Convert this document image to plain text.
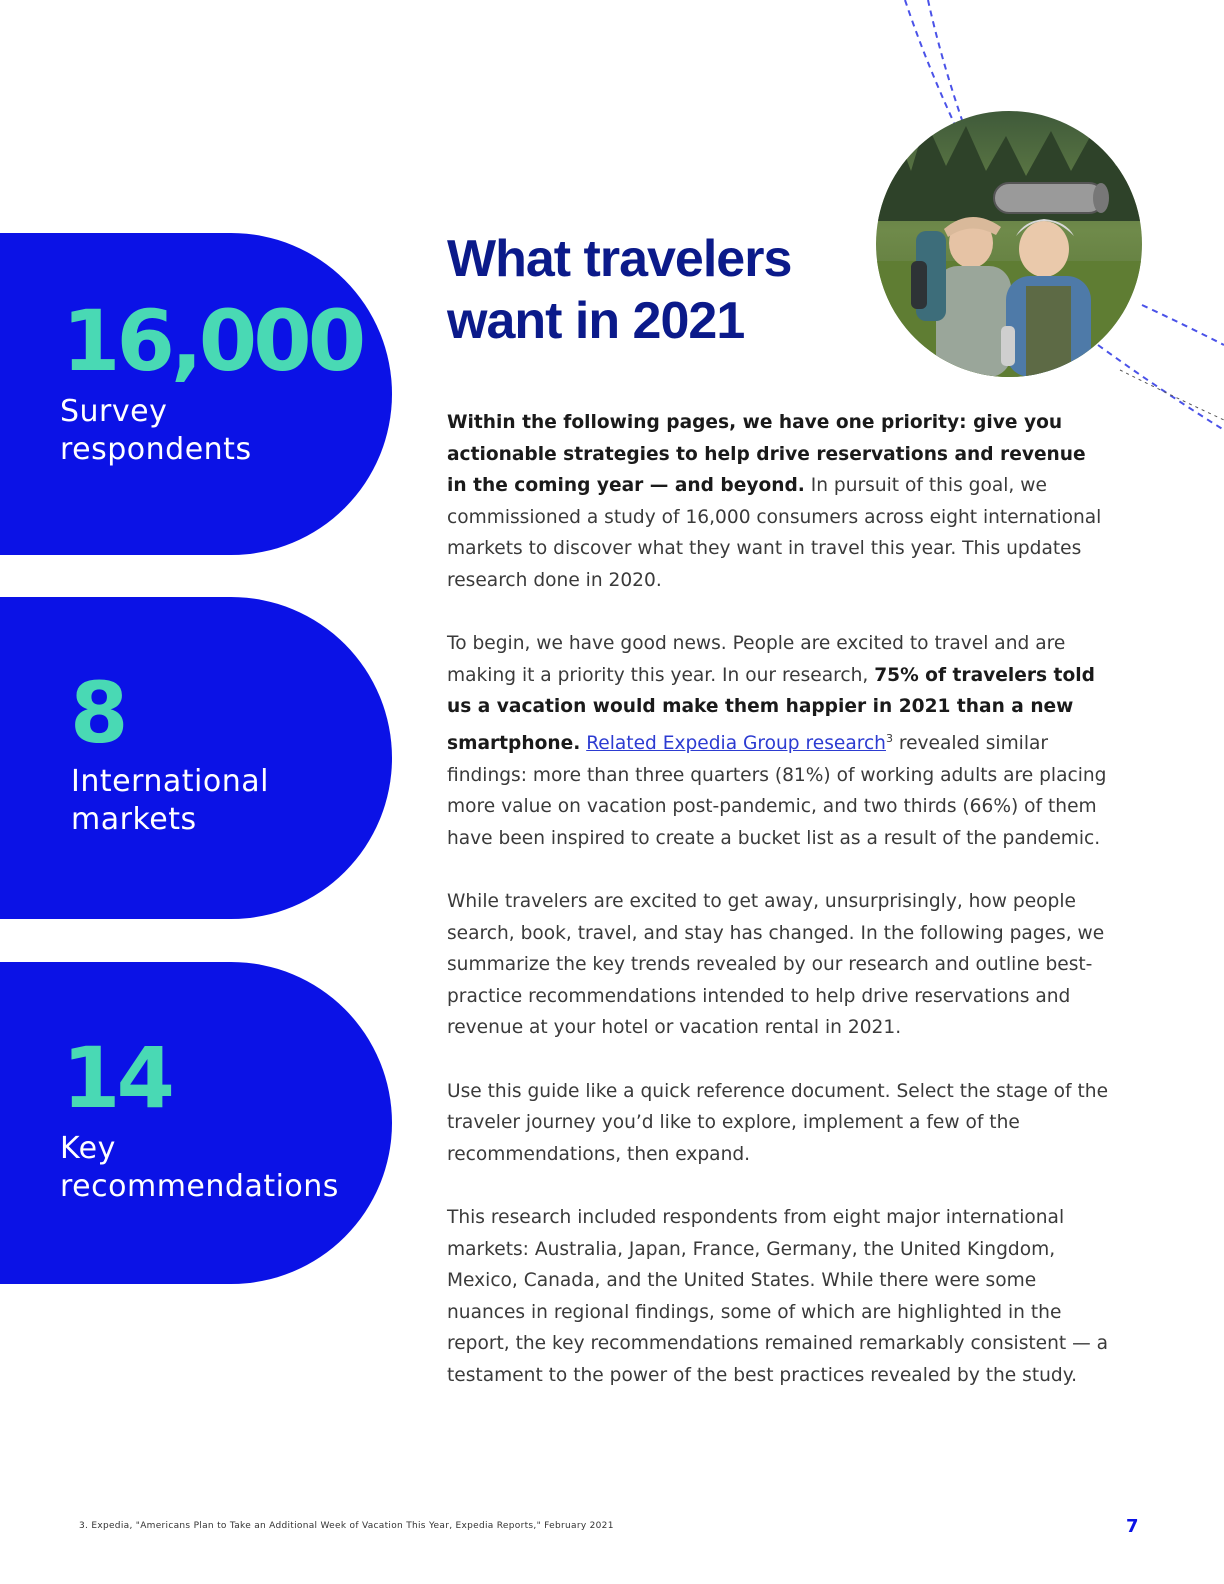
16,000
Survey
respondents
8
International
markets
14
Key
recommendations
What travelers
want in 2021

Within the following pages, we have one priority: give you actionable strategies to help drive reservations and revenue in the coming year — and beyond. In pursuit of this goal, we commissioned a study of 16,000 consumers across eight international markets to discover what they want in travel this year. This updates research done in 2020.

To begin, we have good news. People are excited to travel and are making it a priority this year. In our research, 75% of travelers told us a vacation would make them happier in 2021 than a new smartphone. Related Expedia Group research$^3$ revealed similar findings: more than three quarters (81%) of working adults are placing more value on vacation post-pandemic, and two thirds (66%) of them have been inspired to create a bucket list as a result of the pandemic.

While travelers are excited to get away, unsurprisingly, how people search, book, travel, and stay has changed. In the following pages, we summarize the key trends revealed by our research and outline best-practice recommendations intended to help drive reservations and revenue at your hotel or vacation rental in 2021.

Use this guide like a quick reference document. Select the stage of the traveler journey you’d like to explore, implement a few of the recommendations, then expand.

This research included respondents from eight major international markets: Australia, Japan, France, Germany, the United Kingdom, Mexico, Canada, and the United States. While there were some nuances in regional findings, some of which are highlighted in the report, the key recommendations remained remarkably consistent — a testament to the power of the best practices revealed by the study.

3. Expedia, "Americans Plan to Take an Additional Week of Vacation This Year, Expedia Reports," February 2021	7
